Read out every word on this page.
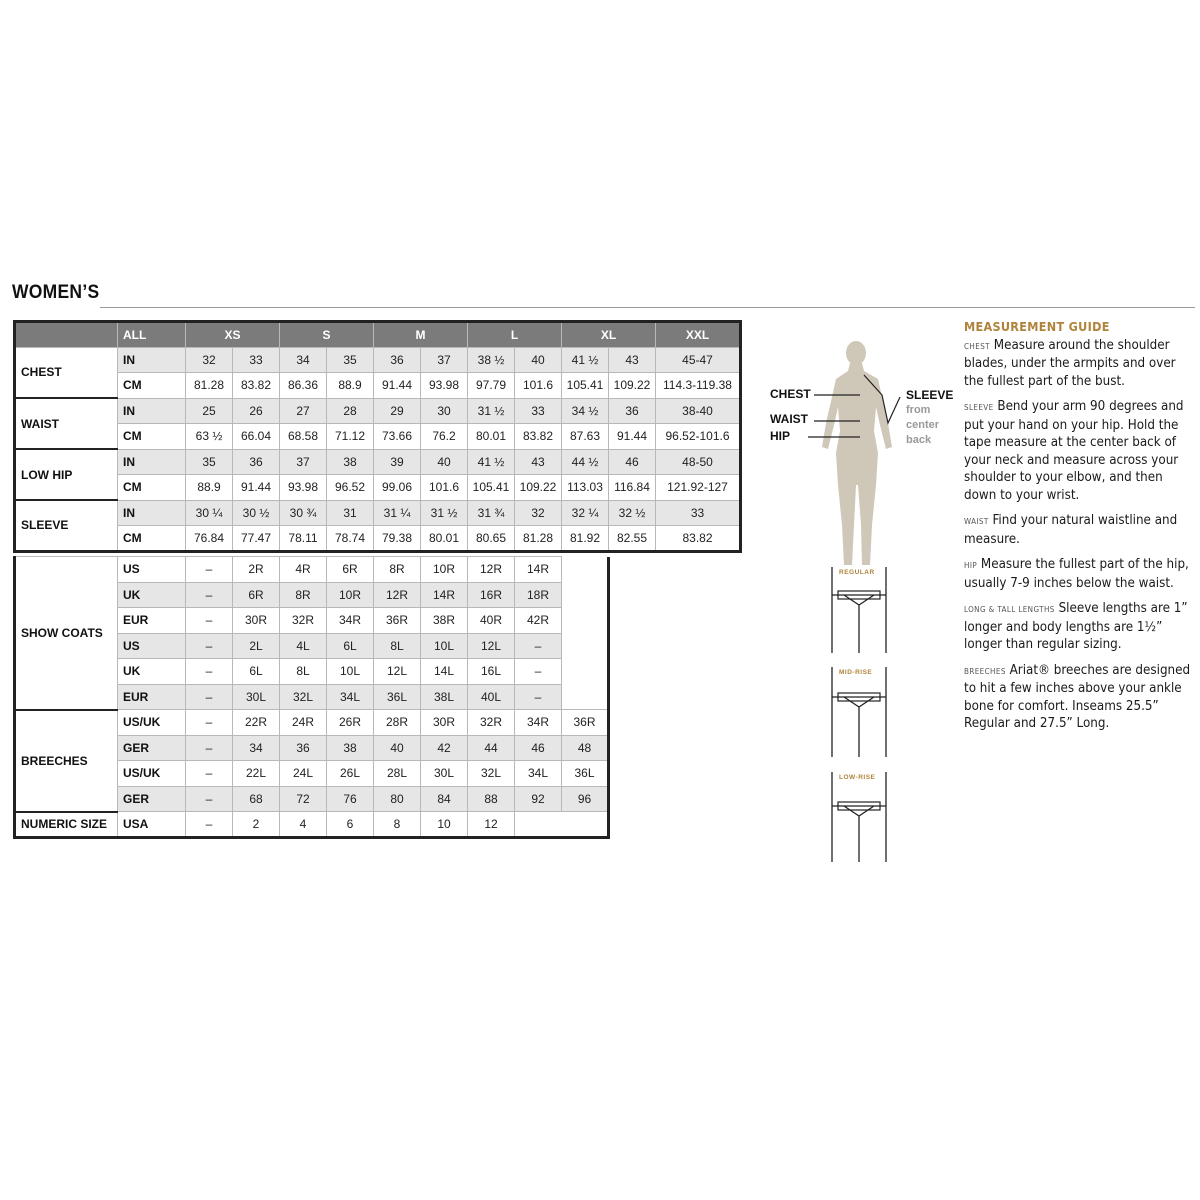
WOMEN’S
	ALL	XS		S		M		L		XL		XXL
CHEST	IN	32	33	34	35	36	37	38 ½	40	41 ½	43	45-47
	CM	81.28	83.82	86.36	88.9	91.44	93.98	97.79	101.6	105.41	109.22	114.3-119.38
WAIST	IN	25	26	27	28	29	30	31 ½	33	34 ½	36	38-40
	CM	63 ½	66.04	68.58	71.12	73.66	76.2	80.01	83.82	87.63	91.44	96.52-101.6
LOW HIP	IN	35	36	37	38	39	40	41 ½	43	44 ½	46	48-50
	CM	88.9	91.44	93.98	96.52	99.06	101.6	105.41	109.22	113.03	116.84	121.92-127
SLEEVE	IN	30 ¼	30 ½	30 ¾	31	31 ¼	31 ½	31 ¾	32	32 ¼	32 ½	33
	CM	76.84	77.47	78.11	78.74	79.38	80.01	80.65	81.28	81.92	82.55	83.82
SHOW COATS	US	–	2R	4R	6R	8R	10R	12R	14R	
	UK	–	6R	8R	10R	12R	14R	16R	18R	
	EUR	–	30R	32R	34R	36R	38R	40R	42R	
	US	–	2L	4L	6L	8L	10L	12L	–	
	UK	–	6L	8L	10L	12L	14L	16L	–	
	EUR	–	30L	32L	34L	36L	38L	40L	–	
BREECHES	US/UK	–	22R	24R	26R	28R	30R	32R	34R	36R
	GER	–	34	36	38	40	42	44	46	48
	US/UK	–	22L	24L	26L	28L	30L	32L	34L	36L
	GER	–	68	72	76	80	84	88	92	96
NUMERIC SIZE	USA	–	2	4	6	8	10	12		
CHEST
WAIST
HIP
SLEEVE
from
center
back
REGULAR
MID-RISE
LOW-RISE
MEASUREMENT GUIDE

CHEST Measure around the shoulder blades, under the armpits and over the fullest part of the bust.

SLEEVE Bend your arm 90 degrees and put your hand on your hip. Hold the tape measure at the center back of your neck and measure across your shoulder to your elbow, and then down to your wrist.

WAIST Find your natural waistline and measure.

HIP Measure the fullest part of the hip, usually 7-9 inches below the waist.

LONG & TALL LENGTHS Sleeve lengths are 1” longer and body lengths are 1½” longer than regular sizing.

BREECHES Ariat® breeches are designed to hit a few inches above your ankle bone for comfort. Inseams 25.5” Regular and 27.5” Long.
